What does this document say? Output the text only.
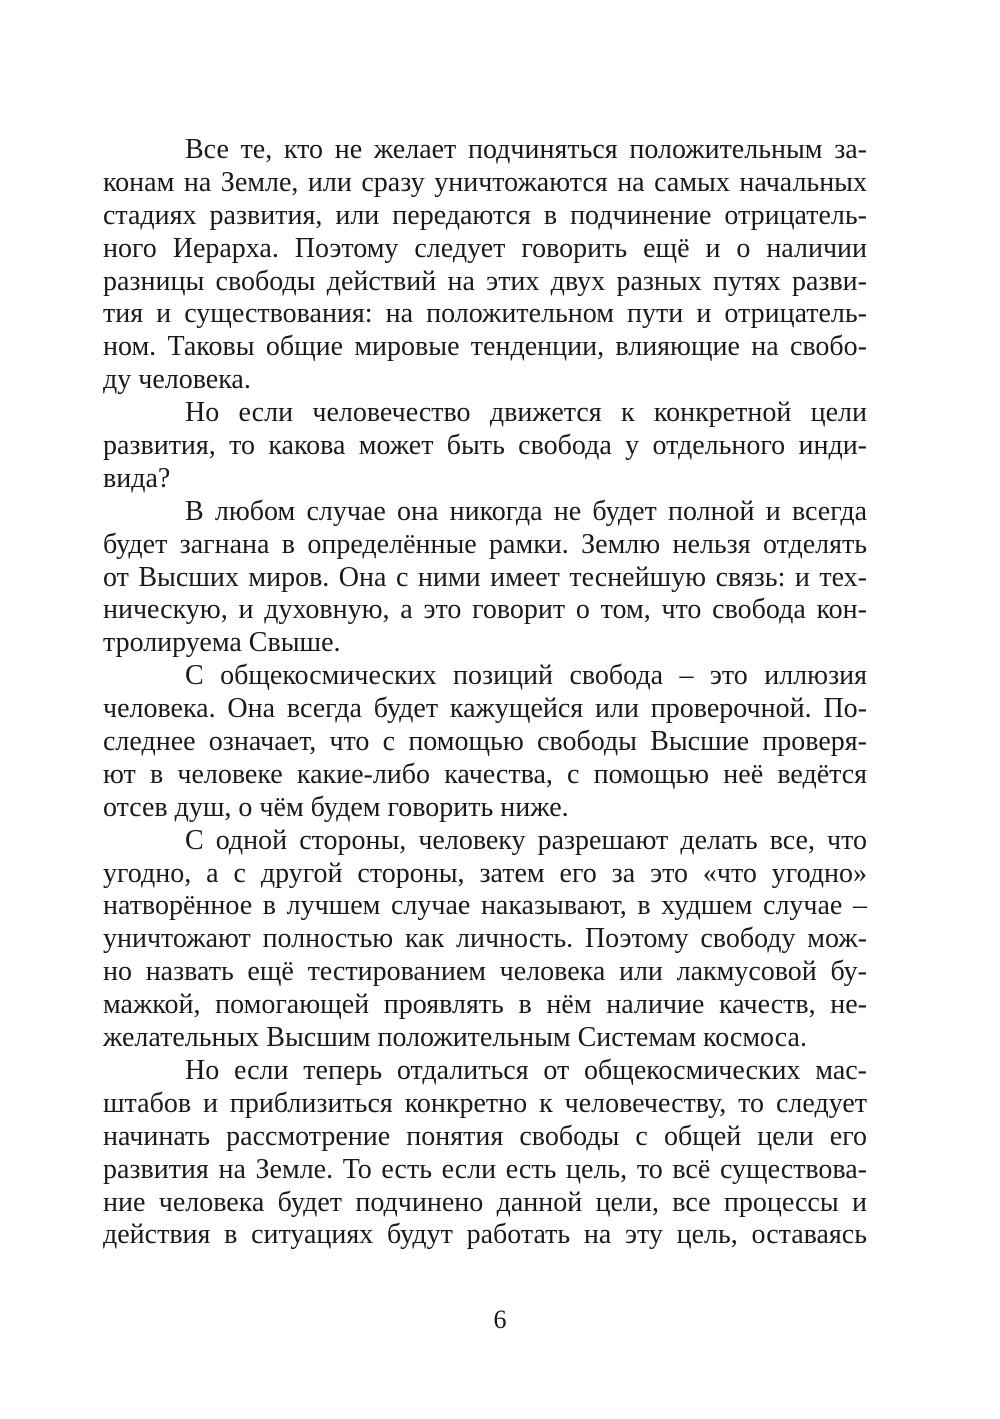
Все те, кто не желает подчиняться положительным за-
конам на Земле, или сразу уничтожаются на самых начальных
стадиях развития, или передаются в подчинение отрицатель-
ного Иерарха. Поэтому следует говорить ещё и о наличии
разницы свободы действий на этих двух разных путях разви-
тия и существования: на положительном пути и отрицатель-
ном. Таковы общие мировые тенденции, влияющие на свобо-
ду человека.
Но если человечество движется к конкретной цели
развития, то какова может быть свобода у отдельного инди-
вида?
В любом случае она никогда не будет полной и всегда
будет загнана в определённые рамки. Землю нельзя отделять
от Высших миров. Она с ними имеет теснейшую связь: и тех-
ническую, и духовную, а это говорит о том, что свобода кон-
тролируема Свыше.
С общекосмических позиций свобода – это иллюзия
человека. Она всегда будет кажущейся или проверочной. По-
следнее означает, что с помощью свободы Высшие проверя-
ют в человеке какие-либо качества, с помощью неё ведётся
отсев душ, о чём будем говорить ниже.
С одной стороны, человеку разрешают делать все, что
угодно, а с другой стороны, затем его за это «что угодно»
натворённое в лучшем случае наказывают, в худшем случае –
уничтожают полностью как личность. Поэтому свободу мож-
но назвать ещё тестированием человека или лакмусовой бу-
мажкой, помогающей проявлять в нём наличие качеств, не-
желательных Высшим положительным Системам космоса.
Но если теперь отдалиться от общекосмических мас-
штабов и приблизиться конкретно к человечеству, то следует
начинать рассмотрение понятия свободы с общей цели его
развития на Земле. То есть если есть цель, то всё существова-
ние человека будет подчинено данной цели, все процессы и
действия в ситуациях будут работать на эту цель, оставаясь
6
